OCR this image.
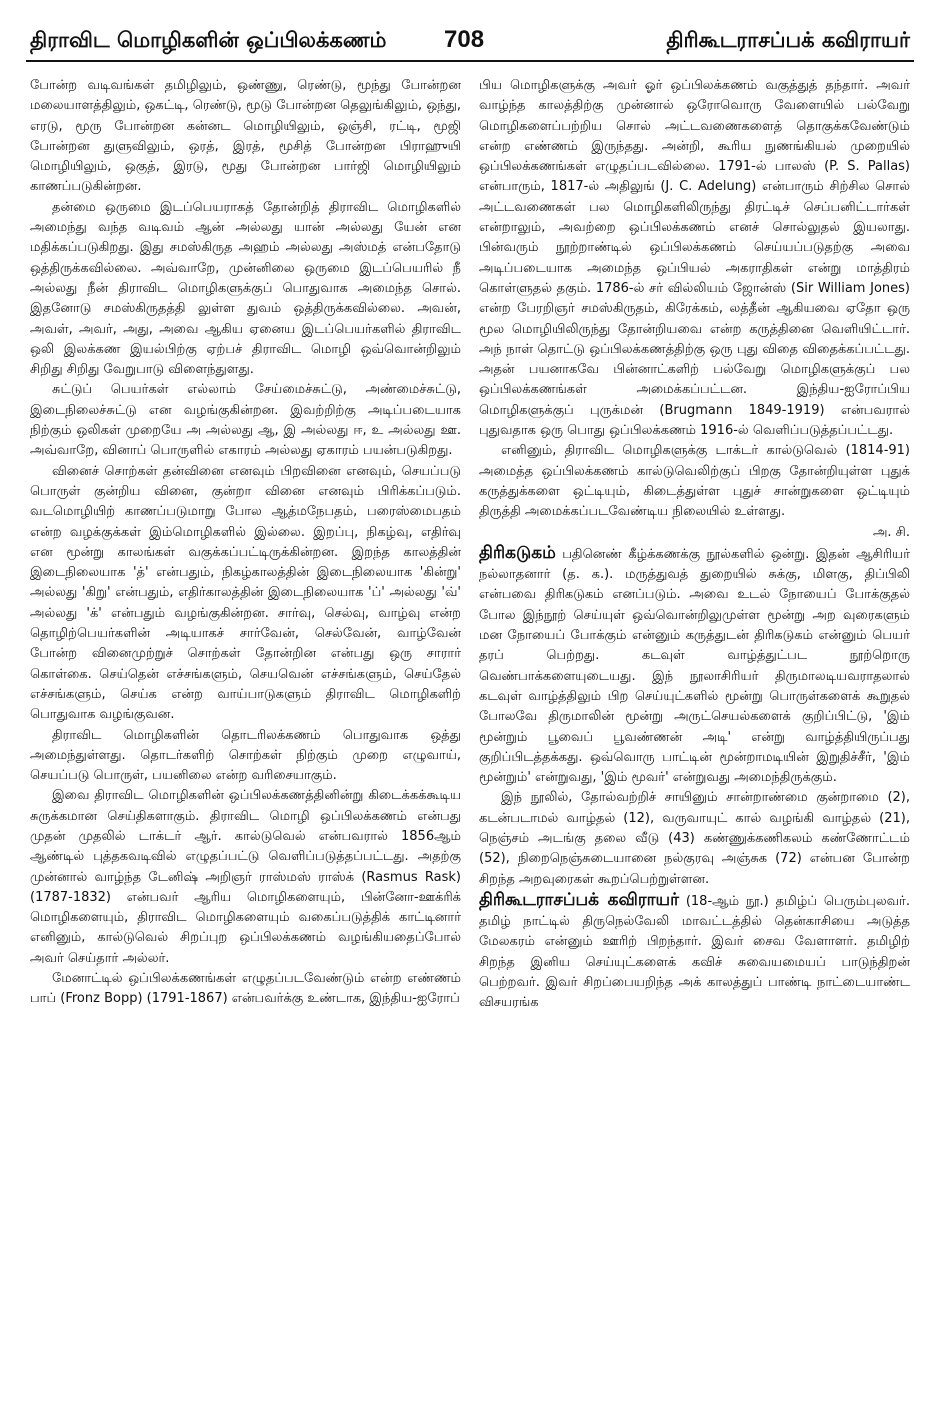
திராவிட மொழிகளின் ஒப்பிலக்கணம் 708	திரிகூடராசப்பக் கவிராயர்

போன்ற வடிவங்கள் தமிழிலும், ஒண்ணு, ரெண்டு, மூந்து போன்றன மலையாளத்திலும், ஒகட்டி, ரெண்டு, மூடு போன்றன தெலுங்கிலும், ஒந்து, எரடு, மூரு போன்றன கன்னட மொழியிலும், ஒஞ்சி, ரட்டி, மூஜி போன்றன துளுவிலும், ஒரத், இரத், மூசித் போன்றன பிராஹுயி மொழியிலும், ஒகுத், இரடு, மூது போன்றன பார்ஜி மொழியிலும் காணப்படுகின்றன.

தன்மை ஒருமை இடப்பெயராகத் தோன்றித் திராவிட மொழிகளில் அமைந்து வந்த வடிவம் ஆன் அல்லது யான் அல்லது யேன் என மதிக்கப்படுகிறது. இது சமஸ்கிருத அஹம் அல்லது அஸ்மத் என்பதோடு ஒத்திருக்கவில்லை. அவ்வாறே, முன்னிலை ஒருமை இடப்பெயரில் நீ அல்லது நீன் திராவிட மொழிகளுக்குப் பொதுவாக அமைந்த சொல். இதனோடு சமஸ்கிருதத்தி லுள்ள துவம் ஒத்திருக்கவில்லை. அவன், அவள், அவர், அது, அவை ஆகிய ஏனைய இடப்பெயர்களில் திராவிட ஒலி இலக்கண இயல்பிற்கு ஏற்பச் திராவிட மொழி ஒவ்வொன்றிலும் சிறிது சிறிது வேறுபாடு விளைந்துளது.

சுட்டுப் பெயர்கள் எல்லாம் சேய்மைச்சுட்டு, அண்மைச்சுட்டு, இடைநிலைச்சுட்டு என வழங்குகின்றன. இவற்றிற்கு அடிப்படையாக நிற்கும் ஒலிகள் முறையே அ அல்லது ஆ, இ அல்லது ஈ, உ அல்லது ஊ. அவ்வாறே, வினாப் பொருளில் எகாரம் அல்லது ஏகாரம் பயன்படுகிறது.

வினைச் சொற்கள் தன்வினை எனவும் பிறவினை எனவும், செயப்படு பொருள் குன்றிய வினை, குன்றா வினை எனவும் பிரிக்கப்படும். வடமொழியிற் காணப்படுமாறு போல ஆத்மநேபதம், பரைஸ்மைபதம் என்ற வழக்குக்கள் இம்மொழிகளில் இல்லை. இறப்பு, நிகழ்வு, எதிர்வு என மூன்று காலங்கள் வகுக்கப்பட்டிருக்கின்றன. இறந்த காலத்தின் இடைநிலையாக 'த்' என்பதும், நிகழ்காலத்தின் இடைநிலையாக 'கின்று' அல்லது 'கிறு' என்பதும், எதிர்காலத்தின் இடைநிலையாக 'ப்' அல்லது 'வ்' அல்லது 'க்' என்பதும் வழங்குகின்றன. சார்வு, செல்வு, வாழ்வு என்ற தொழிற்பெயர்களின் அடியாகச் சார்வேன், செல்வேன், வாழ்வேன் போன்ற வினைமுற்றுச் சொற்கள் தோன்றின என்பது ஒரு சாரார் கொள்கை. செய்தென் எச்சங்களும், செயவென் எச்சங்களும், செய்தேல் எச்சங்களும், செய்க என்ற வாய்பாடுகளும் திராவிட மொழிகளிற் பொதுவாக வழங்குவன.

திராவிட மொழிகளின் தொடரிலக்கணம் பொதுவாக ஒத்து அமைந்துள்ளது. தொடர்களிற் சொற்கள் நிற்கும் முறை எழுவாய், செயப்படு பொருள், பயனிலை என்ற வரிசையாகும்.

இவை திராவிட மொழிகளின் ஒப்பிலக்கணத்தினின்று கிடைக்கக்கூடிய சுருக்கமான செய்திகளாகும். திராவிட மொழி ஒப்பிலக்கணம் என்பது முதன் முதலில் டாக்டர் ஆர். கால்டுவெல் என்பவரால் 1856ஆம் ஆண்டில் புத்தகவடிவில் எழுதப்பட்டு வெளிப்படுத்தப்பட்டது. அதற்கு முன்னால் வாழ்ந்த டேனிஷ் அறிஞர் ராஸ்மஸ் ராஸ்க் (Rasmus Rask) (1787-1832) என்பவர் ஆரிய மொழிகளையும், பின்னோ-ஊக்ரிக் மொழிகளையும், திராவிட மொழிகளையும் வகைப்படுத்திக் காட்டினார் எனினும், கால்டுவெல் சிறப்புற ஒப்பிலக்கணம் வழங்கியதைப்போல் அவர் செய்தார் அல்லர்.

மேனாட்டில் ஒப்பிலக்கணங்கள் எழுதப்படவேண்டும் என்ற எண்ணம் பாப் (Fronz Bopp) (1791-1867) என்பவர்க்கு உண்டாக, இந்திய-ஐரோப்

பிய மொழிகளுக்கு அவர் ஓர் ஒப்பிலக்கணம் வகுத்துத் தந்தார். அவர் வாழ்ந்த காலத்திற்கு முன்னால் ஒரோவொரு வேளையில் பல்வேறு மொழிகளைப்பற்றிய சொல் அட்டவணைகளைத் தொகுக்கவேண்டும் என்ற எண்ணம் இருந்தது. அன்றி, கூரிய நுணங்கியல் முறையில் ஒப்பிலக்கணங்கள் எழுதப்படவில்லை. 1791-ல் பாலஸ் (P. S. Pallas) என்பாரும், 1817-ல் அதிலுங் (J. C. Adelung) என்பாரும் சிற்சில சொல் அட்டவணைகள் பல மொழிகளிலிருந்து திரட்டிச் செப்பனிட்டார்கள் என்றாலும், அவற்றை ஒப்பிலக்கணம் எனச் சொல்லுதல் இயலாது. பின்வரும் நூற்றாண்டில் ஒப்பிலக்கணம் செய்யப்படுதற்கு அவை அடிப்படையாக அமைந்த ஒப்பியல் அகராதிகள் என்று மாத்திரம் கொள்ளுதல் தகும். 1786-ல் சர் வில்லியம் ஜோன்ஸ் (Sir William Jones) என்ற பேரறிஞர் சமஸ்கிருதம், கிரேக்கம், லத்தீன் ஆகியவை ஏதோ ஒரு மூல மொழியிலிருந்து தோன்றியவை என்ற கருத்தினை வெளியிட்டார். அந் நாள் தொட்டு ஒப்பிலக்கணத்திற்கு ஒரு புது விதை விதைக்கப்பட்டது. அதன் பயனாகவே பின்னாட்களிற் பல்வேறு மொழிகளுக்குப் பல ஒப்பிலக்கணங்கள் அமைக்கப்பட்டன. இந்திய-ஐரோப்பிய மொழிகளுக்குப் புருக்மன் (Brugmann 1849-1919) என்பவரால் புதுவதாக ஒரு பொது ஒப்பிலக்கணம் 1916-ல் வெளிப்படுத்தப்பட்டது.

எனினும், திராவிட மொழிகளுக்கு டாக்டர் கால்டுவெல் (1814-91) அமைத்த ஒப்பிலக்கணம் கால்டுவெலிற்குப் பிறகு தோன்றியுள்ள புதுக் கருத்துக்களை ஒட்டியும், கிடைத்துள்ள புதுச் சான்றுகளை ஒட்டியும் திருத்தி அமைக்கப்படவேண்டிய நிலையில் உள்ளது.

அ. சி.

திரிகடுகம் பதினெண் கீழ்க்கணக்கு நூல்களில் ஒன்று. இதன் ஆசிரியர் நல்லாதனார் (த. க.). மருத்துவத் துறையில் சுக்கு, மிளகு, திப்பிலி என்பவை திரிகடுகம் எனப்படும். அவை உடல் நோயைப் போக்குதல் போல இந்நூற் செய்யுள் ஒவ்வொன்றிலுமுள்ள மூன்று அற வுரைகளும் மன நோயைப் போக்கும் என்னும் கருத்துடன் திரிகடுகம் என்னும் பெயர் தரப் பெற்றது. கடவுள் வாழ்த்துட்பட நூற்றொரு வெண்பாக்களையுடையது. இந் நூலாசிரியர் திருமாலடியவராதலால் கடவுள் வாழ்த்திலும் பிற செய்யுட்களில் மூன்று பொருள்களைக் கூறுதல் போலவே திருமாலின் மூன்று அருட்செயல்களைக் குறிப்பிட்டு, 'இம் மூன்றும் பூவைப் பூவண்ணன் அடி' என்று வாழ்த்தியிருப்பது குறிப்பிடத்தக்கது. ஒவ்வொரு பாட்டின் மூன்றாமடியின் இறுதிச்சீர், 'இம் மூன்றும்' என்றுவது, 'இம் மூவர்' என்றுவது அமைந்திருக்கும்.

இந் நூலில், தோல்வற்றிச் சாயினும் சான்றாண்மை குன்றாமை (2), கடன்படாமல் வாழ்தல் (12), வருவாயுட் கால் வழங்கி வாழ்தல் (21), நெஞ்சம் அடங்கு தலை வீடு (43) கண்ணுக்கணிகலம் கண்ணோட்டம் (52), நிறைநெஞ்சுடையானை நல்குரவு அஞ்சுக (72) என்பன போன்ற சிறந்த அறவுரைகள் கூறப்பெற்றுள்ளன.

திரிகூடராசப்பக் கவிராயர் (18-ஆம் நூ.) தமிழ்ப் பெரும்புலவர். தமிழ் நாட்டில் திருநெல்வேலி மாவட்டத்தில் தென்காசியை அடுத்த மேலகரம் என்னும் ஊரிற் பிறந்தார். இவர் சைவ வேளாளர். தமிழிற் சிறந்த இனிய செய்யுட்களைக் கவிச் சுவையமையப் பாடுந்திறன் பெற்றவர். இவர் சிறப்பையறிந்த அக் காலத்துப் பாண்டி நாட்டையாண்ட விசயரங்க
